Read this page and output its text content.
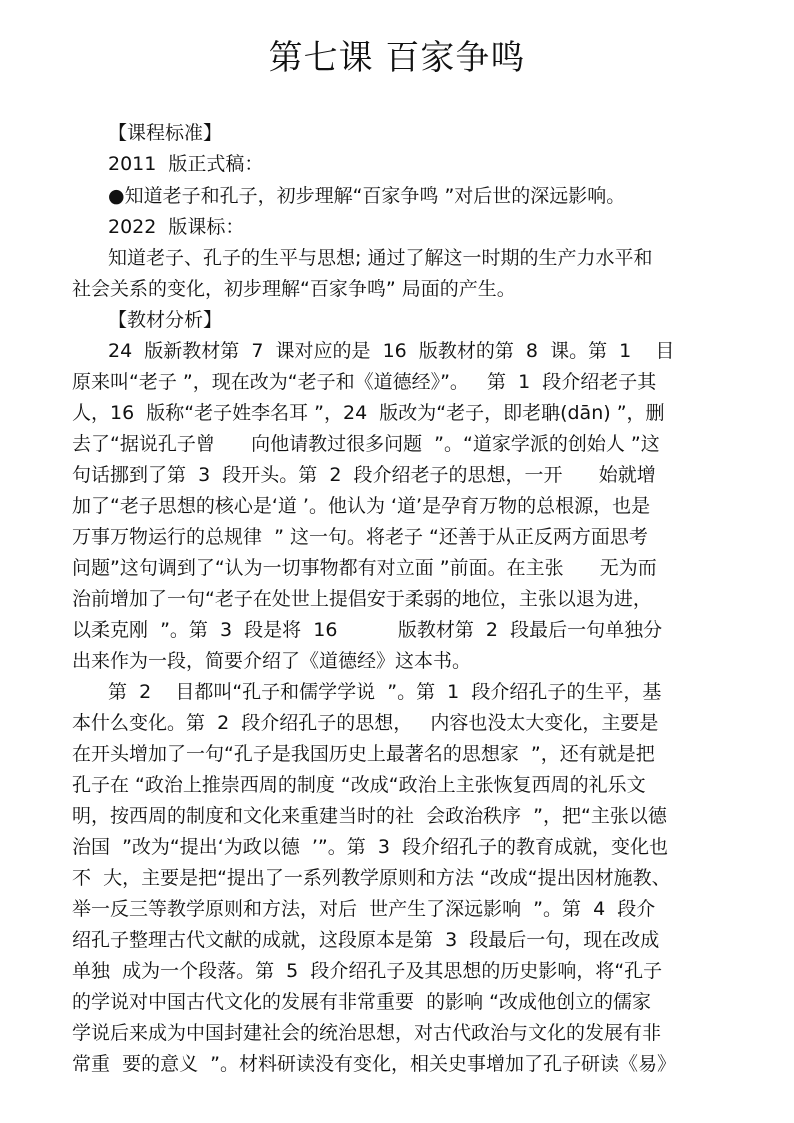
第七课 百家争鸣

【课程标准】

2011  版正式稿：

●知道老子和孔子，初步理解“百家争鸣 ”对后世的深远影响。

2022  版课标：

知道老子、孔子的生平与思想; 通过了解这一时期的生产力水平和

社会关系的变化，初步理解“百家争鸣” 局面的产生。

【教材分析】

24  版新教材第  7  课对应的是  16  版教材的第  8  课。第  1    目

原来叫“老子 ”，现在改为“老子和《道德经》”。   第  1  段介绍老子其

人，16  版称“老子姓李名耳 ”，24  版改为“老子，即老聃(dān) ”，删

去了“据说孔子曾      向他请教过很多问题  ”。“道家学派的创始人 ”这

句话挪到了第  3  段开头。第  2  段介绍老子的思想，一开      始就增

加了“老子思想的核心是‘道 ’。他认为 ‘道’是孕育万物的总根源，也是

万事万物运行的总规律  ” 这一句。将老子 “还善于从正反两方面思考

问题”这句调到了“认为一切事物都有对立面 ”前面。在主张      无为而

治前增加了一句“老子在处世上提倡安于柔弱的地位，主张以退为进，

以柔克刚  ”。第  3  段是将  16          版教材第  2  段最后一句单独分

出来作为一段，简要介绍了《道德经》这本书。

第  2    目都叫“孔子和儒学学说  ”。第  1  段介绍孔子的生平，基

本什么变化。第  2  段介绍孔子的思想，   内容也没太大变化，主要是

在开头增加了一句“孔子是我国历史上最著名的思想家  ”，还有就是把

孔子在 “政治上推崇西周的制度 “改成“政治上主张恢复西周的礼乐文

明，按西周的制度和文化来重建当时的社  会政治秩序  ”，把“主张以德

治国  ”改为“提出‘为政以德  ’”。第  3  段介绍孔子的教育成就，变化也

不  大，主要是把“提出了一系列教学原则和方法 “改成“提出因材施教、

举一反三等教学原则和方法，对后  世产生了深远影响  ”。第  4  段介

绍孔子整理古代文献的成就，这段原本是第  3  段最后一句，现在改成

单独  成为一个段落。第  5  段介绍孔子及其思想的历史影响，将“孔子

的学说对中国古代文化的发展有非常重要  的影响 “改成他创立的儒家

学说后来成为中国封建社会的统治思想，对古代政治与文化的发展有非

常重  要的意义  ”。材料研读没有变化，相关史事增加了孔子研读《易》
